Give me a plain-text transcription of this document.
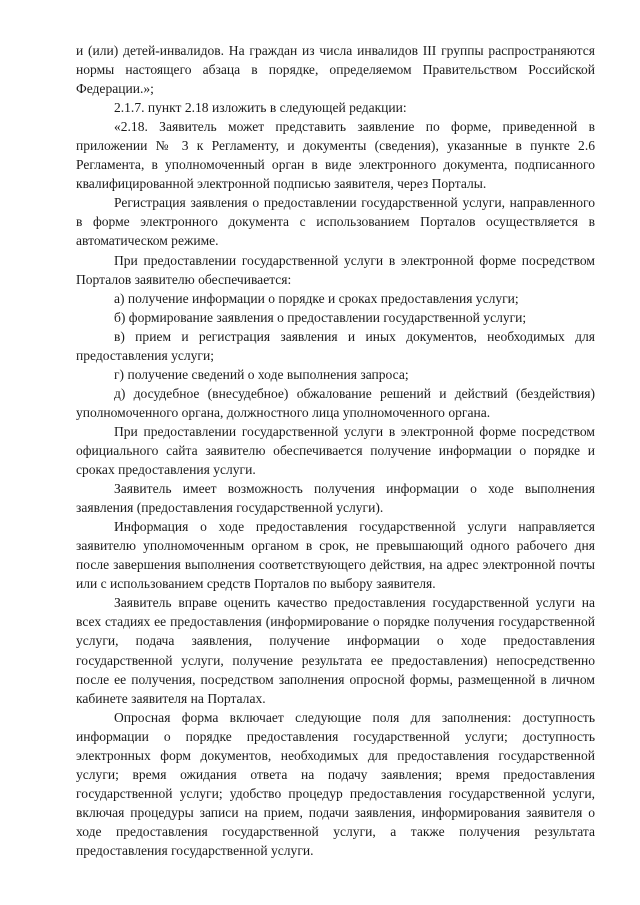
и (или) детей-инвалидов. На граждан из числа инвалидов III группы распространяются нормы настоящего абзаца в порядке, определяемом Правительством Российской Федерации.»;

2.1.7. пункт 2.18 изложить в следующей редакции:

«2.18. Заявитель может представить заявление по форме, приведенной в приложении № 3 к Регламенту, и документы (сведения), указанные в пункте 2.6 Регламента, в уполномоченный орган в виде электронного документа, подписанного квалифицированной электронной подписью заявителя, через Порталы.

Регистрация заявления о предоставлении государственной услуги, направленного в форме электронного документа с использованием Порталов осуществляется в автоматическом режиме.

При предоставлении государственной услуги в электронной форме посредством Порталов заявителю обеспечивается:

а) получение информации о порядке и сроках предоставления услуги;

б) формирование заявления о предоставлении государственной услуги;

в) прием и регистрация заявления и иных документов, необходимых для предоставления услуги;

г) получение сведений о ходе выполнения запроса;

д) досудебное (внесудебное) обжалование решений и действий (бездействия) уполномоченного органа, должностного лица уполномоченного органа.

При предоставлении государственной услуги в электронной форме посредством официального сайта заявителю обеспечивается получение информации о порядке и сроках предоставления услуги.

Заявитель имеет возможность получения информации о ходе выполнения заявления (предоставления государственной услуги).

Информация о ходе предоставления государственной услуги направляется заявителю уполномоченным органом в срок, не превышающий одного рабочего дня после завершения выполнения соответствующего действия, на адрес электронной почты или с использованием средств Порталов по выбору заявителя.

Заявитель вправе оценить качество предоставления государственной услуги на всех стадиях ее предоставления (информирование о порядке получения государственной услуги, подача заявления, получение информации о ходе предоставления государственной услуги, получение результата ее предоставления) непосредственно после ее получения, посредством заполнения опросной формы, размещенной в личном кабинете заявителя на Порталах.

Опросная форма включает следующие поля для заполнения: доступность информации о порядке предоставления государственной услуги; доступность электронных форм документов, необходимых для предоставления государственной услуги; время ожидания ответа на подачу заявления; время предоставления государственной услуги; удобство процедур предоставления государственной услуги, включая процедуры записи на прием, подачи заявления, информирования заявителя о ходе предоставления государственной услуги, а также получения результата предоставления государственной услуги.
